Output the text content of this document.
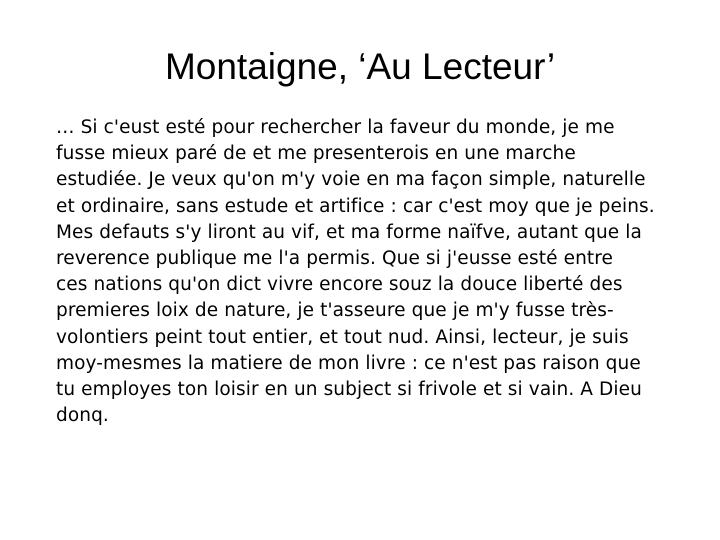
Montaigne, ‘Au Lecteur’
… Si c'eust esté pour rechercher la faveur du monde, je me
fusse mieux paré de et me presenterois en une marche
estudiée. Je veux qu'on m'y voie en ma façon simple, naturelle
et ordinaire, sans estude et artifice : car c'est moy que je peins.
Mes defauts s'y liront au vif, et ma forme naïfve, autant que la
reverence publique me l'a permis. Que si j'eusse esté entre
ces nations qu'on dict vivre encore souz la douce liberté des
premieres loix de nature, je t'asseure que je m'y fusse très-
volontiers peint tout entier, et tout nud. Ainsi, lecteur, je suis
moy-mesmes la matiere de mon livre : ce n'est pas raison que
tu employes ton loisir en un subject si frivole et si vain. A Dieu
donq.
